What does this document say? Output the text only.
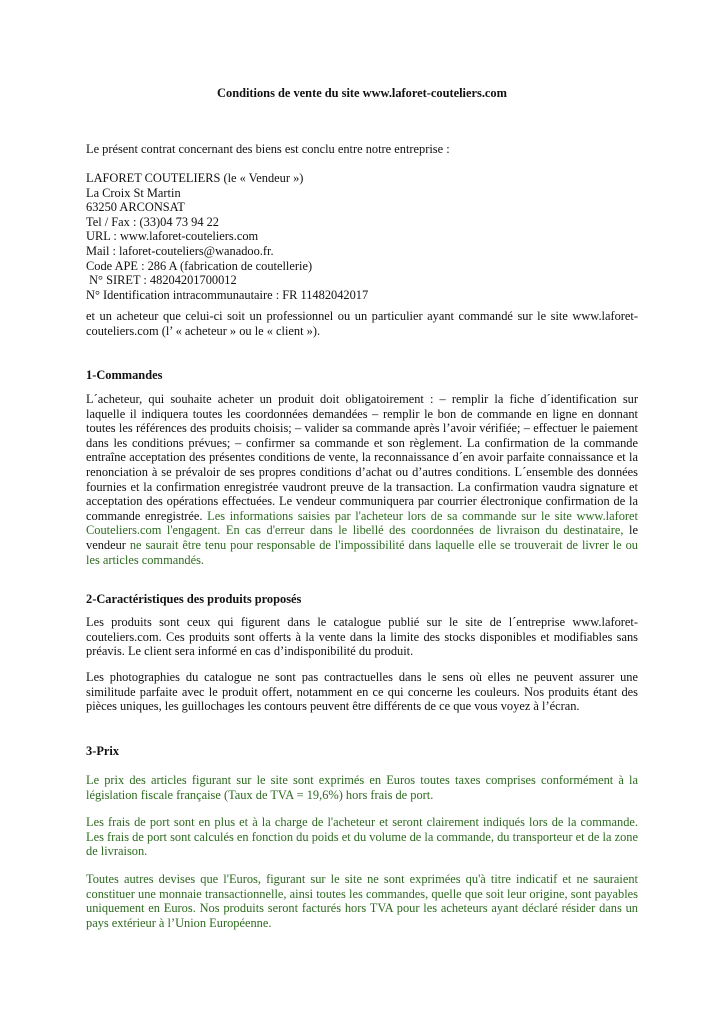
Conditions de vente du site www.laforet-couteliers.com

Le présent contrat concernant des biens est conclu entre notre entreprise :

LAFORET COUTELIERS (le « Vendeur »)
La Croix St Martin
63250 ARCONSAT
Tel / Fax : (33)04 73 94 22
URL : www.laforet-couteliers.com
Mail : laforet-couteliers@wanadoo.fr.
Code APE : 286 A (fabrication de coutellerie)
N° SIRET : 48204201700012
N° Identification intracommunautaire : FR 11482042017

et un acheteur que celui-ci soit un professionnel ou un particulier ayant commandé sur le site www.laforet-couteliers.com (l’ « acheteur » ou le « client »).

1-Commandes

L´acheteur, qui souhaite acheter un produit doit obligatoirement : – remplir la fiche d´identification sur laquelle il indiquera toutes les coordonnées demandées – remplir le bon de commande en ligne en donnant toutes les références des produits choisis; – valider sa commande après l’avoir vérifiée; – effectuer le paiement dans les conditions prévues; – confirmer sa commande et son règlement. La confirmation de la commande entraîne acceptation des présentes conditions de vente, la reconnaissance d´en avoir parfaite connaissance et la renonciation à se prévaloir de ses propres conditions d’achat ou d’autres conditions. L´ensemble des données fournies et la confirmation enregistrée vaudront preuve de la transaction. La confirmation vaudra signature et acceptation des opérations effectuées. Le vendeur communiquera par courrier électronique confirmation de la commande enregistrée. Les informations saisies par l'acheteur lors de sa commande sur le site www.laforet Couteliers.com l'engagent. En cas d'erreur dans le libellé des coordonnées de livraison du destinataire, le vendeur ne saurait être tenu pour responsable de l'impossibilité dans laquelle elle se trouverait de livrer le ou les articles commandés.

2-Caractéristiques des produits proposés

Les produits sont ceux qui figurent dans le catalogue publié sur le site de l´entreprise www.laforet-couteliers.com. Ces produits sont offerts à la vente dans la limite des stocks disponibles et modifiables sans préavis. Le client sera informé en cas d’indisponibilité du produit.

Les photographies du catalogue ne sont pas contractuelles dans le sens où elles ne peuvent assurer une similitude parfaite avec le produit offert, notamment en ce qui concerne les couleurs. Nos produits étant des pièces uniques, les guillochages les contours peuvent être différents de ce que vous voyez à l’écran.

3-Prix

Le prix des articles figurant sur le site sont exprimés en Euros toutes taxes comprises conformément à la législation fiscale française (Taux de TVA = 19,6%) hors frais de port.

Les frais de port sont en plus et à la charge de l'acheteur et seront clairement indiqués lors de la commande. Les frais de port sont calculés en fonction du poids et du volume de la commande, du transporteur et de la zone de livraison.

Toutes autres devises que l'Euros, figurant sur le site ne sont exprimées qu'à titre indicatif et ne sauraient constituer une monnaie transactionnelle, ainsi toutes les commandes, quelle que soit leur origine, sont payables uniquement en Euros. Nos produits seront facturés hors TVA pour les acheteurs ayant déclaré résider dans un pays extérieur à l’Union Européenne.
